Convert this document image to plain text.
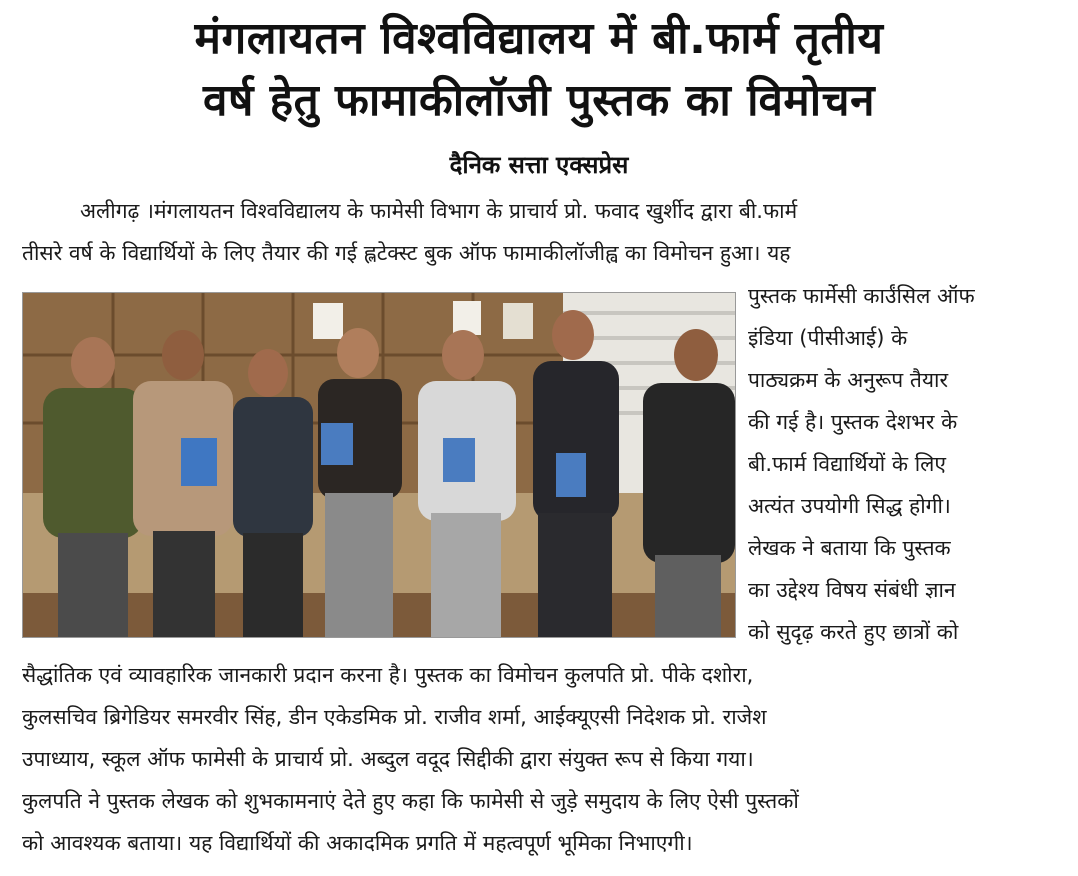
मंगलायतन विश्वविद्यालय में बी.फार्म तृतीय
वर्ष हेतु फामाकीलॉजी पुस्तक का विमोचन
दैनिक सत्ता एक्सप्रेस
अलीगढ़ ।मंगलायतन विश्वविद्यालय के फामेसी विभाग के प्राचार्य प्रो. फवाद खुर्शीद द्वारा बी.फार्म
तीसरे वर्ष के विद्यार्थियों के लिए तैयार की गई ह्लटेक्स्ट बुक ऑफ फामाकीलॉजीह्व का विमोचन हुआ। यह
पुस्तक फार्मेसी कार्उंसिल ऑफ
इंडिया (पीसीआई) के
पाठ्यक्रम के अनुरूप तैयार
की गई है। पुस्तक देशभर के
बी.फार्म विद्यार्थियों के लिए
अत्यंत उपयोगी सिद्ध होगी।
लेखक ने बताया कि पुस्तक
का उद्देश्य विषय संबंधी ज्ञान
को सुदृढ़ करते हुए छात्रों को
सैद्धांतिक एवं व्यावहारिक जानकारी प्रदान करना है। पुस्तक का विमोचन कुलपति प्रो. पीके दशोरा,
कुलसचिव ब्रिगेडियर समरवीर सिंह, डीन एकेडमिक प्रो. राजीव शर्मा, आईक्यूएसी निदेशक प्रो. राजेश
उपाध्याय, स्कूल ऑफ फामेसी के प्राचार्य प्रो. अब्दुल वदूद सिद्दीकी द्वारा संयुक्त रूप से किया गया।
कुलपति ने पुस्तक लेखक को शुभकामनाएं देते हुए कहा कि फामेसी से जुड़े समुदाय के लिए ऐसी पुस्तकों
को आवश्यक बताया। यह विद्यार्थियों की अकादमिक प्रगति में महत्वपूर्ण भूमिका निभाएगी।
